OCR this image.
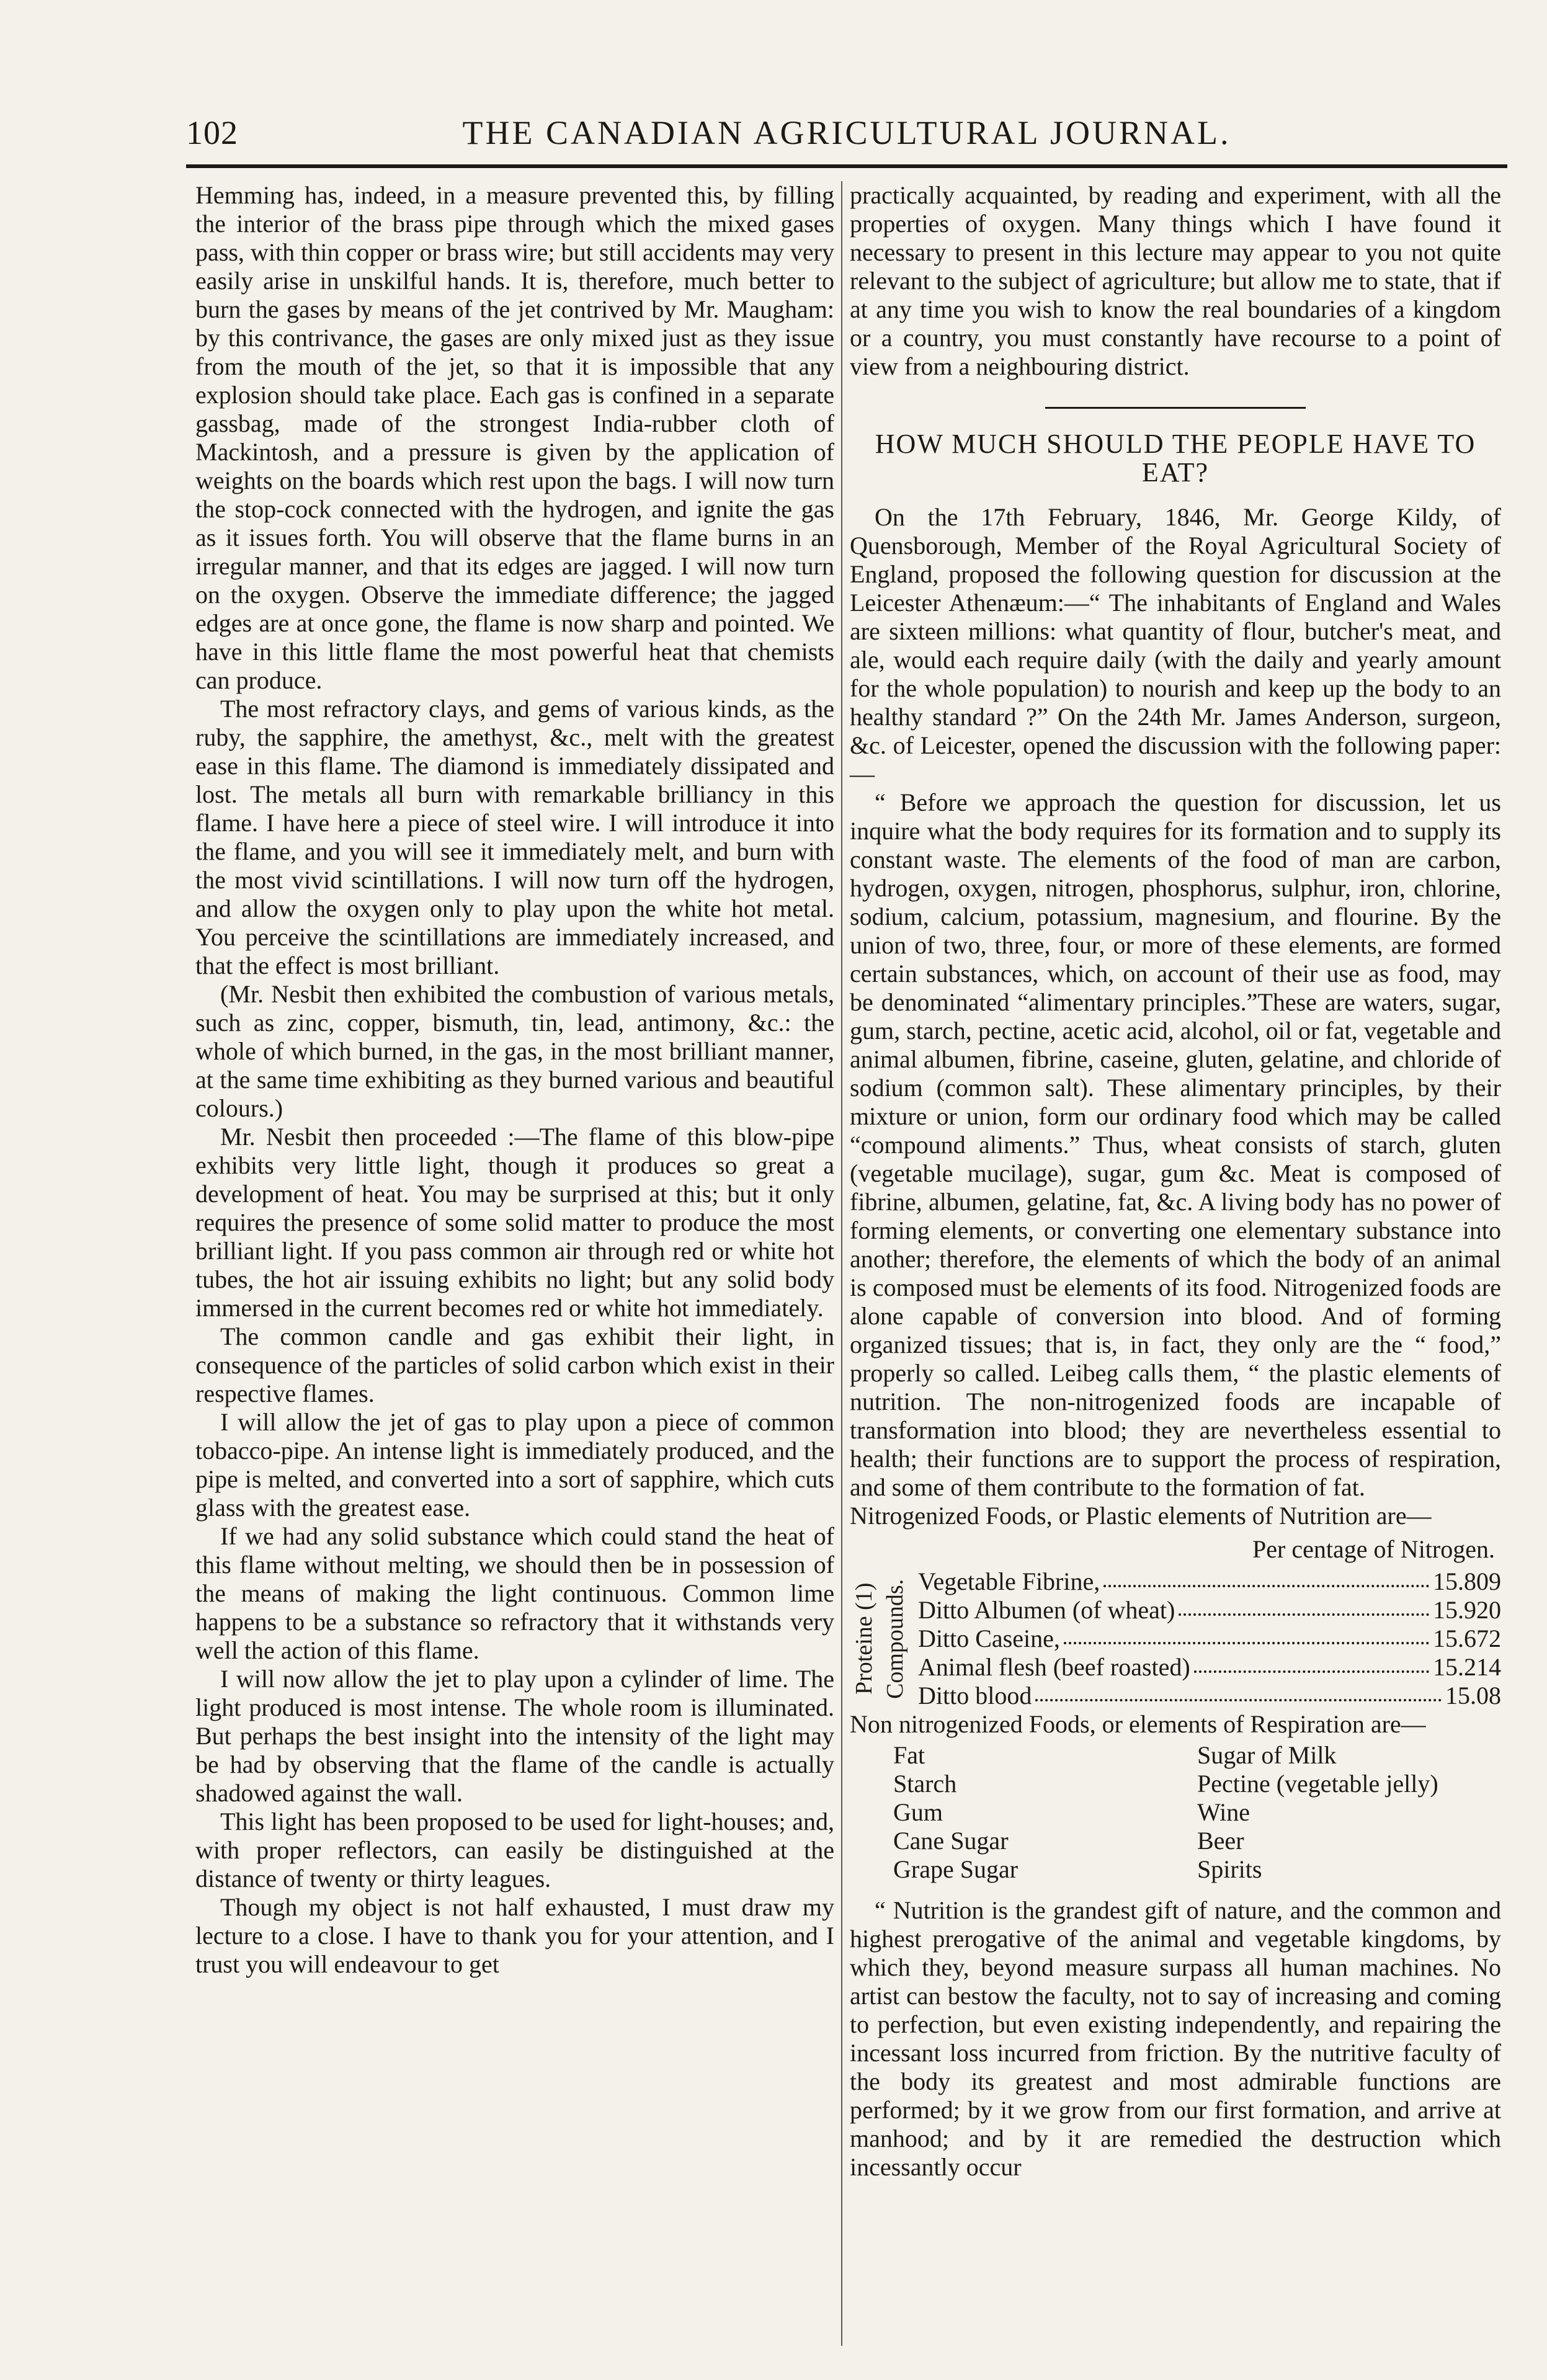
102	THE CANADIAN AGRICULTURAL JOURNAL.

Hemming has, indeed, in a measure prevented this, by filling the interior of the brass pipe through which the mixed gases pass, with thin copper or brass wire; but still accidents may very easily arise in unskilful hands. It is, therefore, much better to burn the gases by means of the jet contrived by Mr. Maugham: by this contrivance, the gases are only mixed just as they issue from the mouth of the jet, so that it is impossible that any explosion should take place. Each gas is confined in a separate gassbag, made of the strongest India-rubber cloth of Mackintosh, and a pressure is given by the application of weights on the boards which rest upon the bags. I will now turn the stop-cock connected with the hydrogen, and ignite the gas as it issues forth. You will observe that the flame burns in an irregular manner, and that its edges are jagged. I will now turn on the oxygen. Observe the immediate difference; the jagged edges are at once gone, the flame is now sharp and pointed. We have in this little flame the most powerful heat that chemists can produce.

The most refractory clays, and gems of various kinds, as the ruby, the sapphire, the amethyst, &c., melt with the greatest ease in this flame. The diamond is immediately dissipated and lost. The metals all burn with remarkable brilliancy in this flame. I have here a piece of steel wire. I will introduce it into the flame, and you will see it immediately melt, and burn with the most vivid scintillations. I will now turn off the hydrogen, and allow the oxygen only to play upon the white hot metal. You perceive the scintillations are immediately increased, and that the effect is most brilliant.

(Mr. Nesbit then exhibited the combustion of various metals, such as zinc, copper, bismuth, tin, lead, antimony, &c.: the whole of which burned, in the gas, in the most brilliant manner, at the same time exhibiting as they burned various and beautiful colours.)

Mr. Nesbit then proceeded :—The flame of this blow-pipe exhibits very little light, though it produces so great a development of heat. You may be surprised at this; but it only requires the presence of some solid matter to produce the most brilliant light. If you pass common air through red or white hot tubes, the hot air issuing exhibits no light; but any solid body immersed in the current becomes red or white hot immediately.

The common candle and gas exhibit their light, in consequence of the particles of solid carbon which exist in their respective flames.

I will allow the jet of gas to play upon a piece of common tobacco-pipe. An intense light is immediately produced, and the pipe is melted, and converted into a sort of sapphire, which cuts glass with the greatest ease.

If we had any solid substance which could stand the heat of this flame without melting, we should then be in possession of the means of making the light continuous. Common lime happens to be a substance so refractory that it withstands very well the action of this flame.

I will now allow the jet to play upon a cylinder of lime. The light produced is most intense. The whole room is illuminated. But perhaps the best insight into the intensity of the light may be had by observing that the flame of the candle is actually shadowed against the wall.

This light has been proposed to be used for light-houses; and, with proper reflectors, can easily be distinguished at the distance of twenty or thirty leagues.

Though my object is not half exhausted, I must draw my lecture to a close. I have to thank you for your attention, and I trust you will endeavour to get

practically acquainted, by reading and experiment, with all the properties of oxygen. Many things which I have found it necessary to present in this lecture may appear to you not quite relevant to the subject of agriculture; but allow me to state, that if at any time you wish to know the real boundaries of a kingdom or a country, you must constantly have recourse to a point of view from a neighbouring district.

HOW MUCH SHOULD THE PEOPLE HAVE TO EAT?

On the 17th February, 1846, Mr. George Kildy, of Quensborough, Member of the Royal Agricultural Society of England, proposed the following question for discussion at the Leicester Athenæum:—“ The inhabitants of England and Wales are sixteen millions: what quantity of flour, butcher's meat, and ale, would each require daily (with the daily and yearly amount for the whole population) to nourish and keep up the body to an healthy standard ?” On the 24th Mr. James Anderson, surgeon, &c. of Leicester, opened the discussion with the following paper:—

“ Before we approach the question for discussion, let us inquire what the body requires for its formation and to supply its constant waste. The elements of the food of man are carbon, hydrogen, oxygen, nitrogen, phosphorus, sulphur, iron, chlorine, sodium, calcium, potassium, magnesium, and flourine. By the union of two, three, four, or more of these elements, are formed certain substances, which, on account of their use as food, may be denominated “alimentary principles.”These are waters, sugar, gum, starch, pectine, acetic acid, alcohol, oil or fat, vegetable and animal albumen, fibrine, caseine, gluten, gelatine, and chloride of sodium (common salt). These alimentary principles, by their mixture or union, form our ordinary food which may be called “compound aliments.” Thus, wheat consists of starch, gluten (vegetable mucilage), sugar, gum &c. Meat is composed of fibrine, albumen, gelatine, fat, &c. A living body has no power of forming elements, or converting one elementary substance into another; therefore, the elements of which the body of an animal is composed must be elements of its food. Nitrogenized foods are alone capable of conversion into blood. And of forming organized tissues; that is, in fact, they only are the “ food,” properly so called. Leibeg calls them, “ the plastic elements of nutrition. The non-nitrogenized foods are incapable of transformation into blood; they are nevertheless essential to health; their functions are to support the process of respiration, and some of them contribute to the formation of fat.

Nitrogenized Foods, or Plastic elements of Nutrition are—

Per centage of Nitrogen.
Proteine (1) Compounds. Vegetable Fibrine,	15.809
Ditto Albumen (of wheat)	15.920
Ditto Caseine,	15.672
Animal flesh (beef roasted)	15.214
Ditto blood	15.08

Non nitrogenized Foods, or elements of Respiration are—

Fat	Sugar of Milk
Starch	Pectine (vegetable jelly)
Gum	Wine
Cane Sugar	Beer
Grape Sugar	Spirits

“ Nutrition is the grandest gift of nature, and the common and highest prerogative of the animal and vegetable kingdoms, by which they, beyond measure surpass all human machines. No artist can bestow the faculty, not to say of increasing and coming to perfection, but even existing independently, and repairing the incessant loss incurred from friction. By the nutritive faculty of the body its greatest and most admirable functions are performed; by it we grow from our first formation, and arrive at manhood; and by it are remedied the destruction which incessantly occur
